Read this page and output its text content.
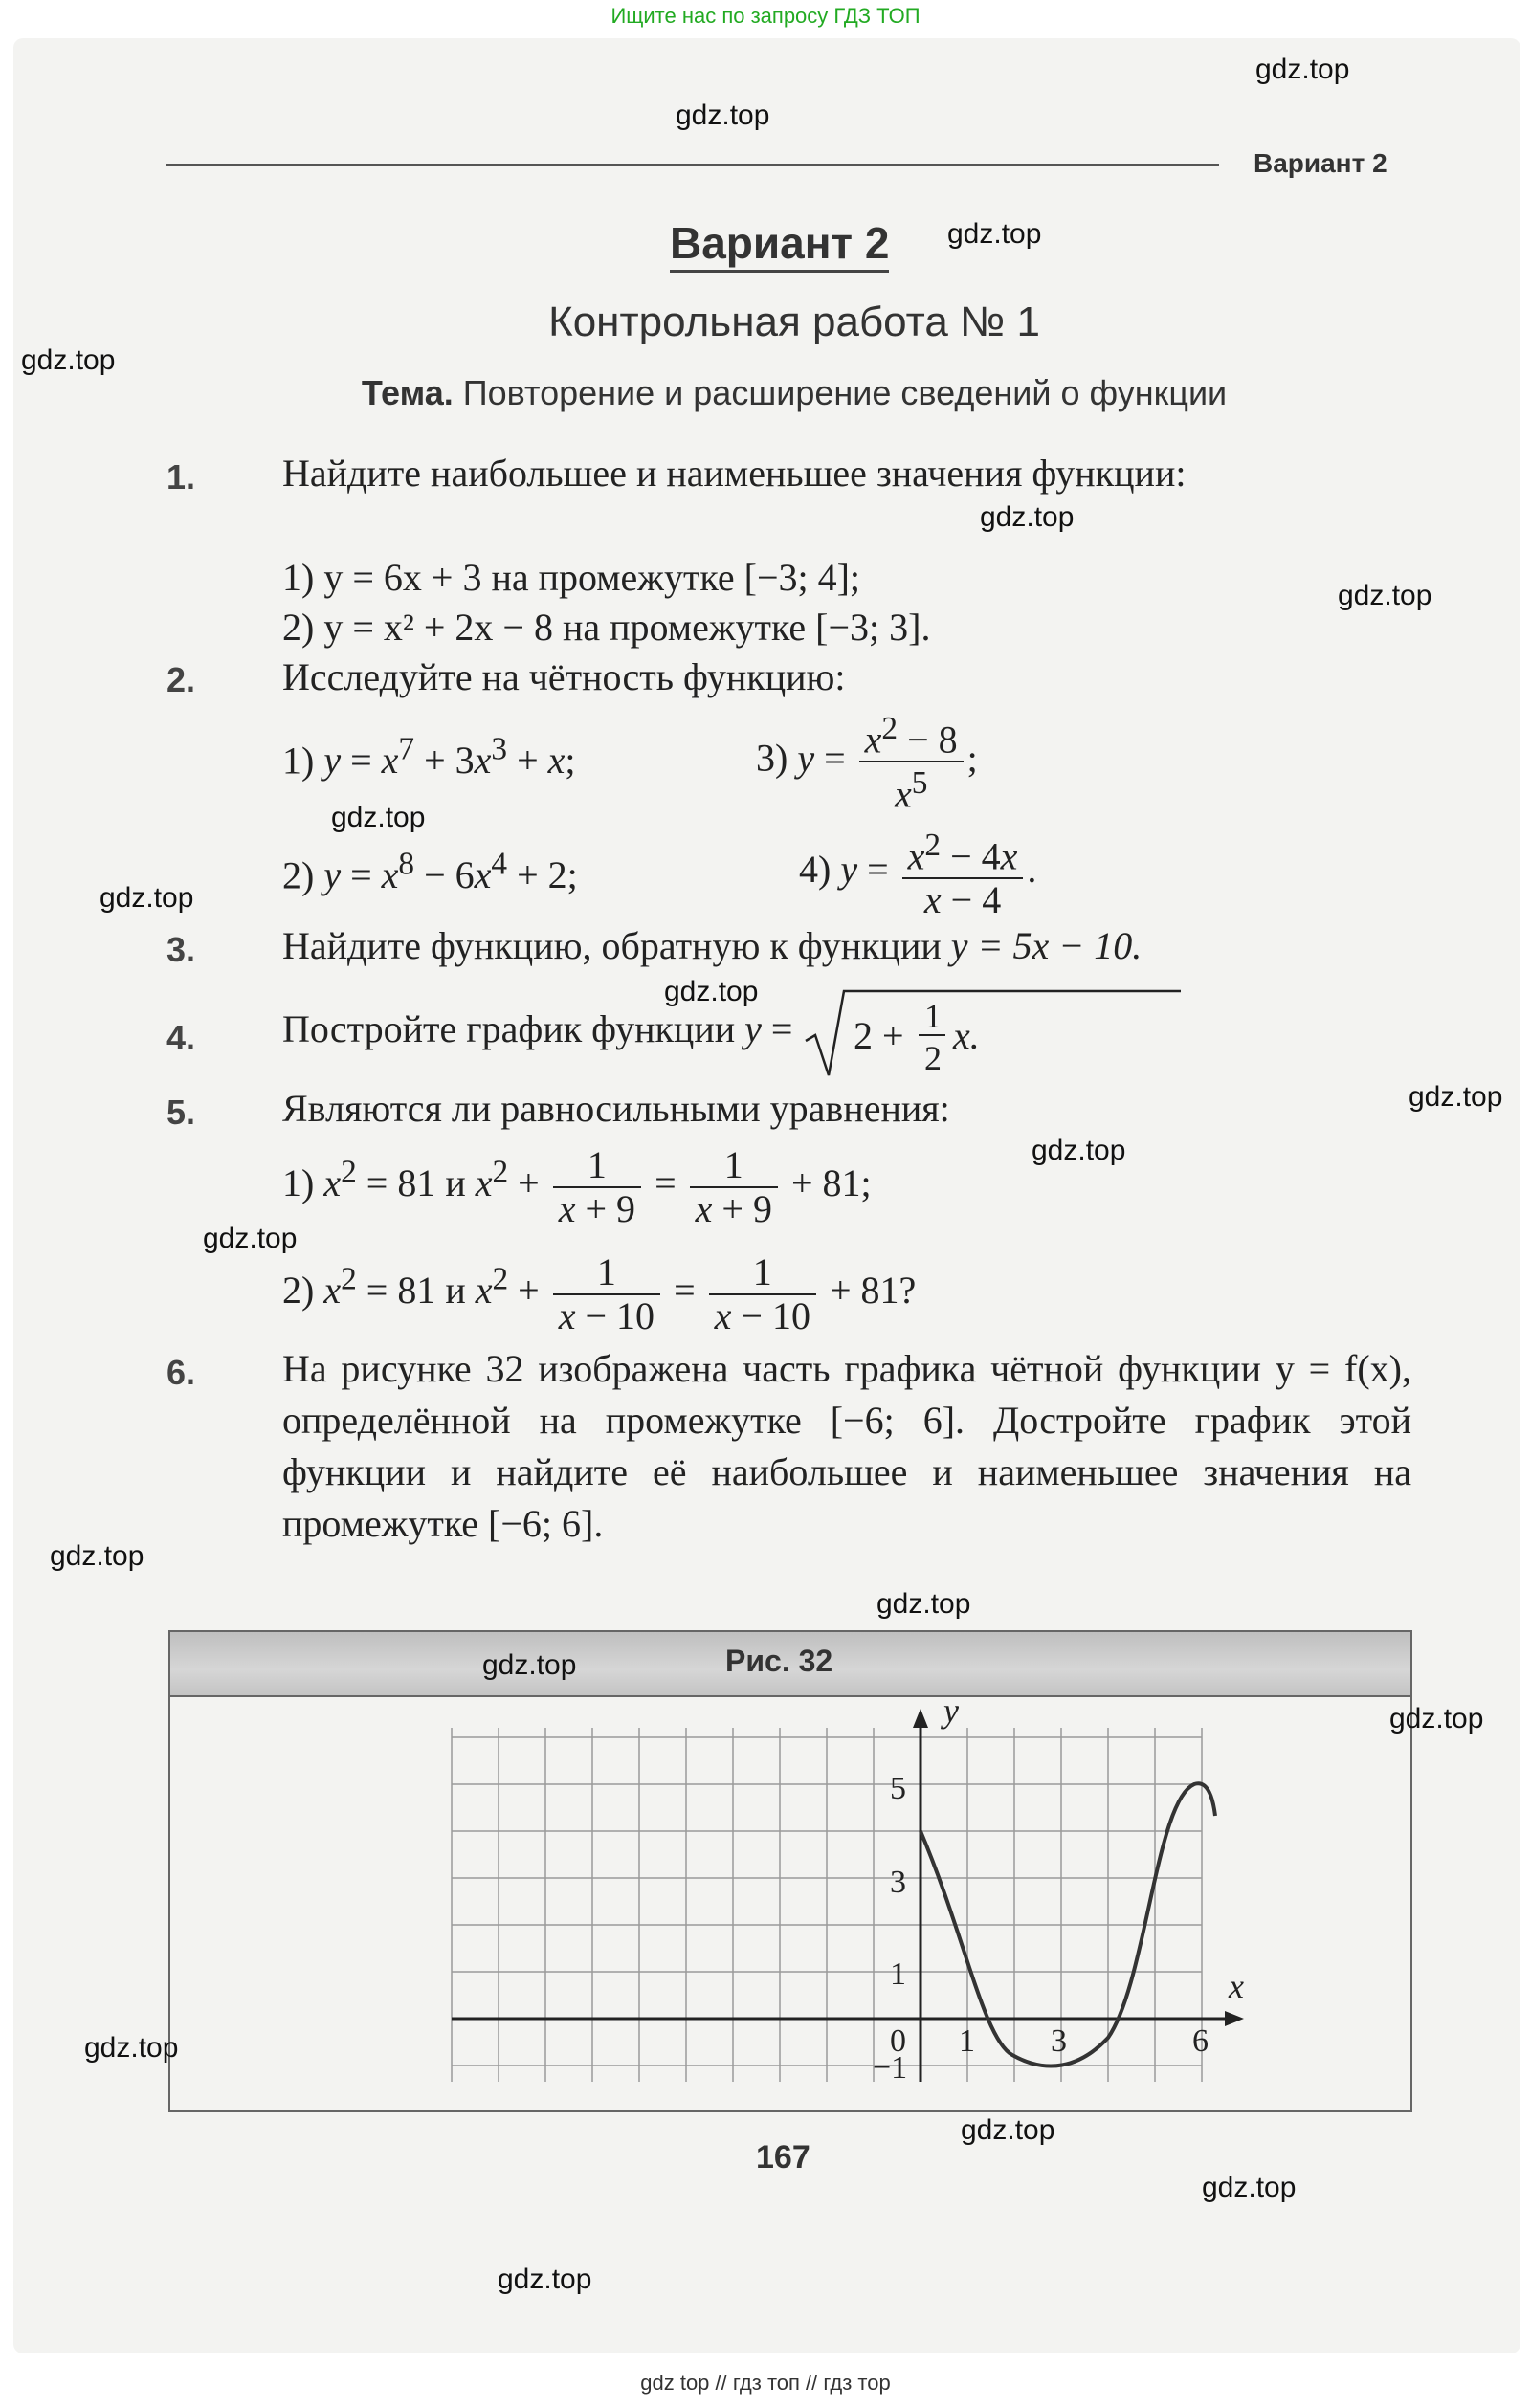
Ищите нас по запросу ГДЗ ТОП
Вариант 2
Вариант 2
Контрольная работа № 1
Тема. Повторение и расширение сведений о функции
1. Найдите наибольшее и наименьшее значения функции:
1) y = 6x + 3 на промежутке [−3; 4];
2) y = x² + 2x − 8 на промежутке [−3; 3].
2. Исследуйте на чётность функцию:
1) $y = x^7 + 3x^3 + x$;	3) $y = \frac{x^2 - 8}{x^5}$ ;
2) $y = x^8 - 6x^4 + 2$;	4) $y = \frac{x^2 - 4x}{x - 4}$ .
3. Найдите функцию, обратную к функции y = 5x − 10.
4. Постройте график функции y = 2 + 1
2
x.
5. Являются ли равносильными уравнения:
1) $x^2 = 81$ и $x^2 + \frac{1}{x + 9} = \frac{1}{x + 9} + 81$;
2) $x^2 = 81$ и $x^2 + \frac{1}{x - 10} = \frac{1}{x - 10} + 81$?
6. На рисунке 32 изображена часть графика чётной функции y = f(x), определённой на промежутке [−6; 6]. Достройте график этой функции и найдите её наибольшее и наименьшее значения на промежутке [−6; 6].
Рис. 32
y
x
5
3
1
−1
0 1 3	6
167
gdz.top
gdz.top
gdz.top
gdz.top
gdz.top
gdz.top
gdz.top
gdz.top
gdz.top
gdz.top
gdz.top
gdz.top
gdz.top
gdz.top
gdz.top
gdz.top
gdz.top
gdz.top
gdz.top
gdz.top
gdz top // гдз топ // гдз тор
